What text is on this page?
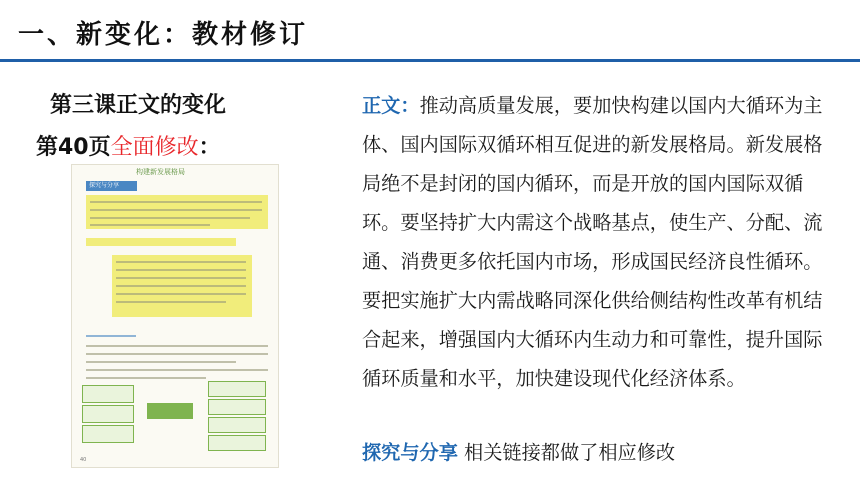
一、新变化：教材修订
第三课正文的变化
第40页全面修改：
构建新发展格局
探究与分享
40
正文：推动高质量发展，要加快构建以国内大循环为主体、国内国际双循环相互促进的新发展格局。新发展格局绝不是封闭的国内循环，而是开放的国内国际双循环。要坚持扩大内需这个战略基点，使生产、分配、流通、消费更多依托国内市场，形成国民经济良性循环。要把实施扩大内需战略同深化供给侧结构性改革有机结合起来，增强国内大循环内生动力和可靠性，提升国际循环质量和水平，加快建设现代化经济体系。
探究与分享 相关链接都做了相应修改
